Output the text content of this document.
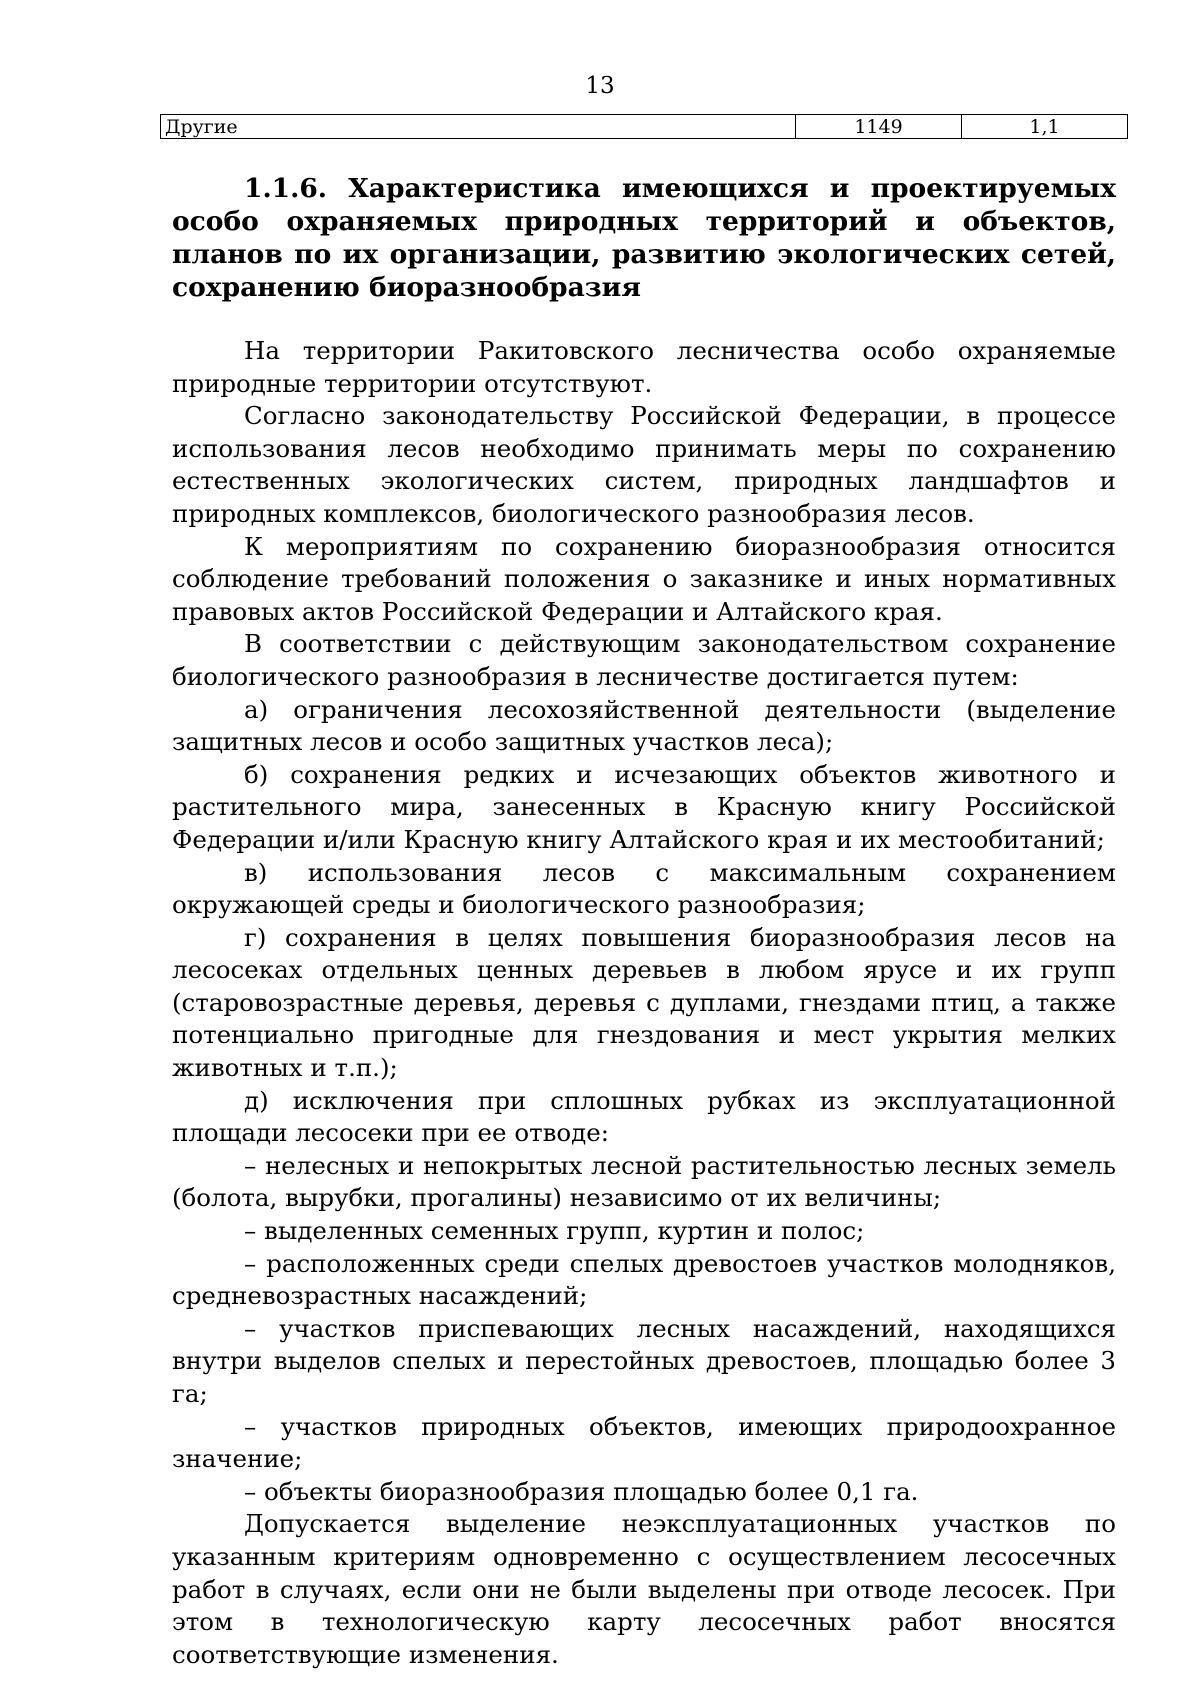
13
Другие	1149	1,1
1.1.6. Характеристика имеющихся и проектируемых особо охраняемых природных территорий и объектов, планов по их организации, развитию экологических сетей, сохранению биоразнообразия

На территории Ракитовского лесничества особо охраняемые природные территории отсутствуют.

Согласно законодательству Российской Федерации, в процессе использования лесов необходимо принимать меры по сохранению естественных экологических систем, природных ландшафтов и природных комплексов, биологического разнообразия лесов.

К мероприятиям по сохранению биоразнообразия относится соблюдение требований положения о заказнике и иных нормативных правовых актов Российской Федерации и Алтайского края.

В соответствии с действующим законодательством сохранение биологического разнообразия в лесничестве достигается путем:

а) ограничения лесохозяйственной деятельности (выделение защитных лесов и особо защитных участков леса);

б) сохранения редких и исчезающих объектов животного и растительного мира, занесенных в Красную книгу Российской Федерации и/или Красную книгу Алтайского края и их местообитаний;

в) использования лесов с максимальным сохранением окружающей среды и биологического разнообразия;

г) сохранения в целях повышения биоразнообразия лесов на лесосеках отдельных ценных деревьев в любом ярусе и их групп (старовозрастные деревья, деревья с дуплами, гнездами птиц, а также потенциально пригодные для гнездования и мест укрытия мелких животных и т.п.);

д) исключения при сплошных рубках из эксплуатационной площади лесосеки при ее отводе:

– нелесных и непокрытых лесной растительностью лесных земель (болота, вырубки, прогалины) независимо от их величины;

– выделенных семенных групп, куртин и полос;

– расположенных среди спелых древостоев участков молодняков, средневозрастных насаждений;

– участков приспевающих лесных насаждений, находящихся внутри выделов спелых и перестойных древостоев, площадью более 3 га;

– участков природных объектов, имеющих природоохранное значение;

– объекты биоразнообразия площадью более 0,1 га.

Допускается выделение неэксплуатационных участков по указанным критериям одновременно с осуществлением лесосечных работ в случаях, если они не были выделены при отводе лесосек. При этом в технологическую карту лесосечных работ вносятся соответствующие изменения.
